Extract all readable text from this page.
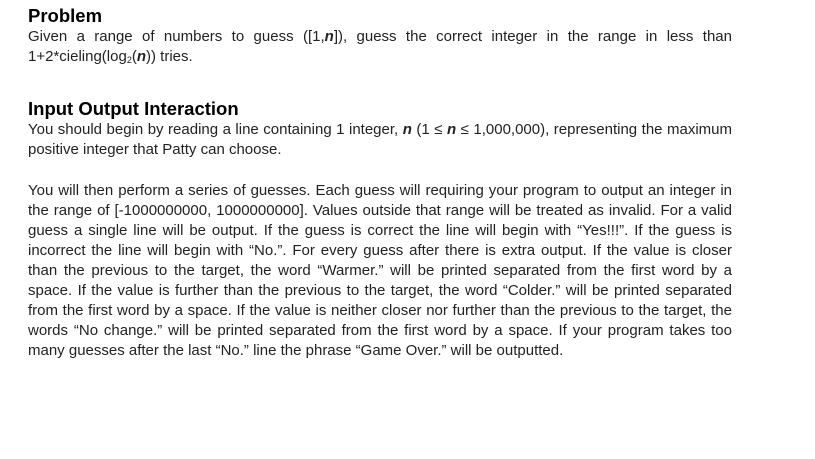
Problem

Given a range of numbers to guess ([1,n]), guess the correct integer in the range in less than $1+2*cieling(\log_2(n))$ tries.

Input Output Interaction

You should begin by reading a line containing 1 integer, n (1 ≤ n ≤ 1,000,000), representing the maximum positive integer that Patty can choose.

You will then perform a series of guesses. Each guess will requiring your program to output an integer in the range of [-1000000000, 1000000000]. Values outside that range will be treated as invalid. For a valid guess a single line will be output. If the guess is correct the line will begin with “Yes!!!”. If the guess is incorrect the line will begin with “No.”. For every guess after there is extra output. If the value is closer than the previous to the target, the word “Warmer.” will be printed separated from the first word by a space. If the value is further than the previous to the target, the word “Colder.” will be printed separated from the first word by a space. If the value is neither closer nor further than the previous to the target, the words “No change.” will be printed separated from the first word by a space. If your program takes too many guesses after the last “No.” line the phrase “Game Over.” will be outputted.
